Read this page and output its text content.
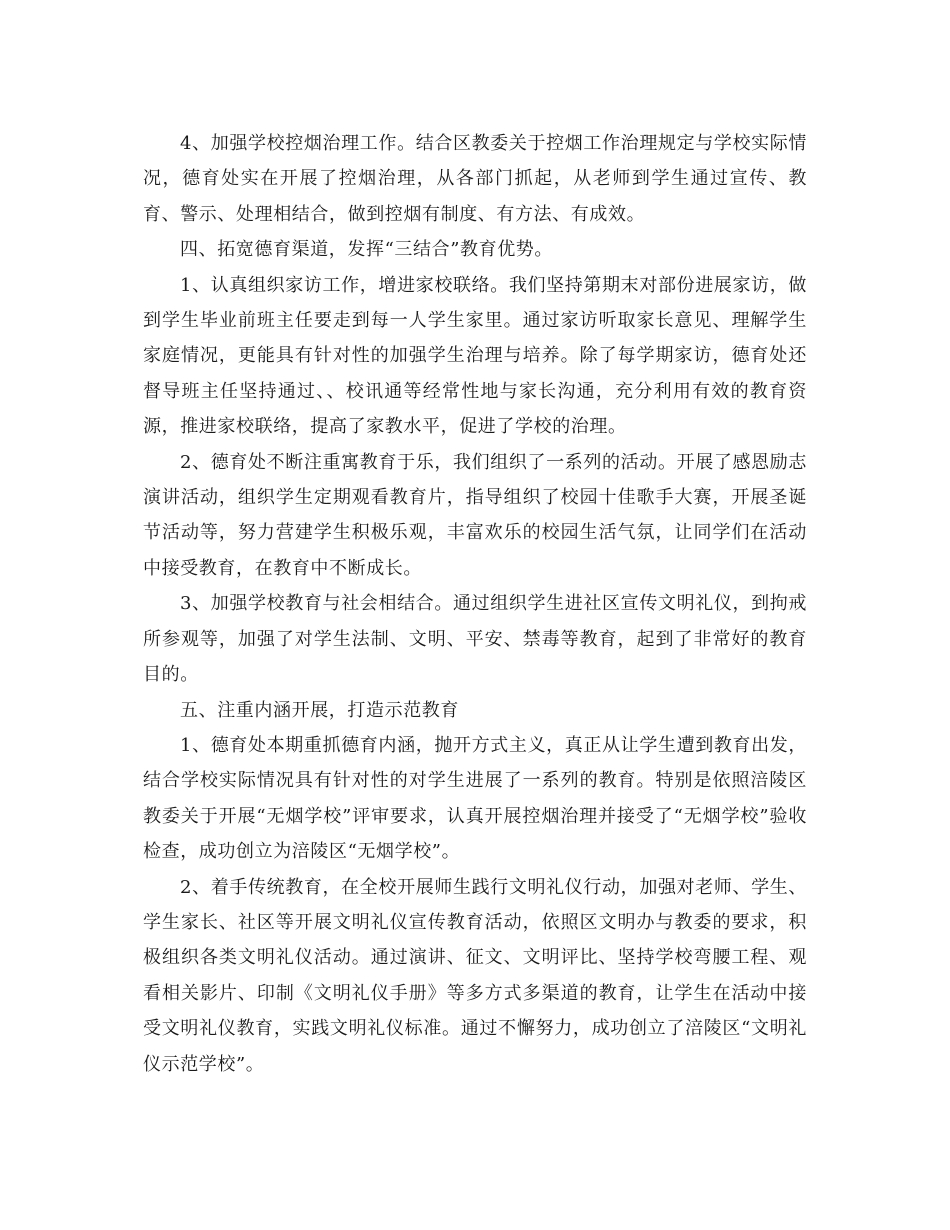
4、加强学校控烟治理工作。结合区教委关于控烟工作治理规定与学校实际情况，德育处实在开展了控烟治理，从各部门抓起，从老师到学生通过宣传、教育、警示、处理相结合，做到控烟有制度、有方法、有成效。

四、拓宽德育渠道，发挥“三结合”教育优势。

1、认真组织家访工作，增进家校联络。我们坚持第期末对部份进展家访，做到学生毕业前班主任要走到每一人学生家里。通过家访听取家长意见、理解学生家庭情况，更能具有针对性的加强学生治理与培养。除了每学期家访，德育处还督导班主任坚持通过、、校讯通等经常性地与家长沟通，充分利用有效的教育资源，推进家校联络，提高了家教水平，促进了学校的治理。

2、德育处不断注重寓教育于乐，我们组织了一系列的活动。开展了感恩励志演讲活动，组织学生定期观看教育片，指导组织了校园十佳歌手大赛，开展圣诞节活动等，努力营建学生积极乐观，丰富欢乐的校园生活气氛，让同学们在活动中接受教育，在教育中不断成长。

3、加强学校教育与社会相结合。通过组织学生进社区宣传文明礼仪，到拘戒所参观等，加强了对学生法制、文明、平安、禁毒等教育，起到了非常好的教育目的。

五、注重内涵开展，打造示范教育

1、德育处本期重抓德育内涵，抛开方式主义，真正从让学生遭到教育出发，结合学校实际情况具有针对性的对学生进展了一系列的教育。特别是依照涪陵区教委关于开展“无烟学校”评审要求，认真开展控烟治理并接受了“无烟学校”验收检查，成功创立为涪陵区“无烟学校”。

2、着手传统教育，在全校开展师生践行文明礼仪行动，加强对老师、学生、学生家长、社区等开展文明礼仪宣传教育活动，依照区文明办与教委的要求，积极组织各类文明礼仪活动。通过演讲、征文、文明评比、坚持学校弯腰工程、观看相关影片、印制《文明礼仪手册》等多方式多渠道的教育，让学生在活动中接受文明礼仪教育，实践文明礼仪标准。通过不懈努力，成功创立了涪陵区“文明礼仪示范学校”。
